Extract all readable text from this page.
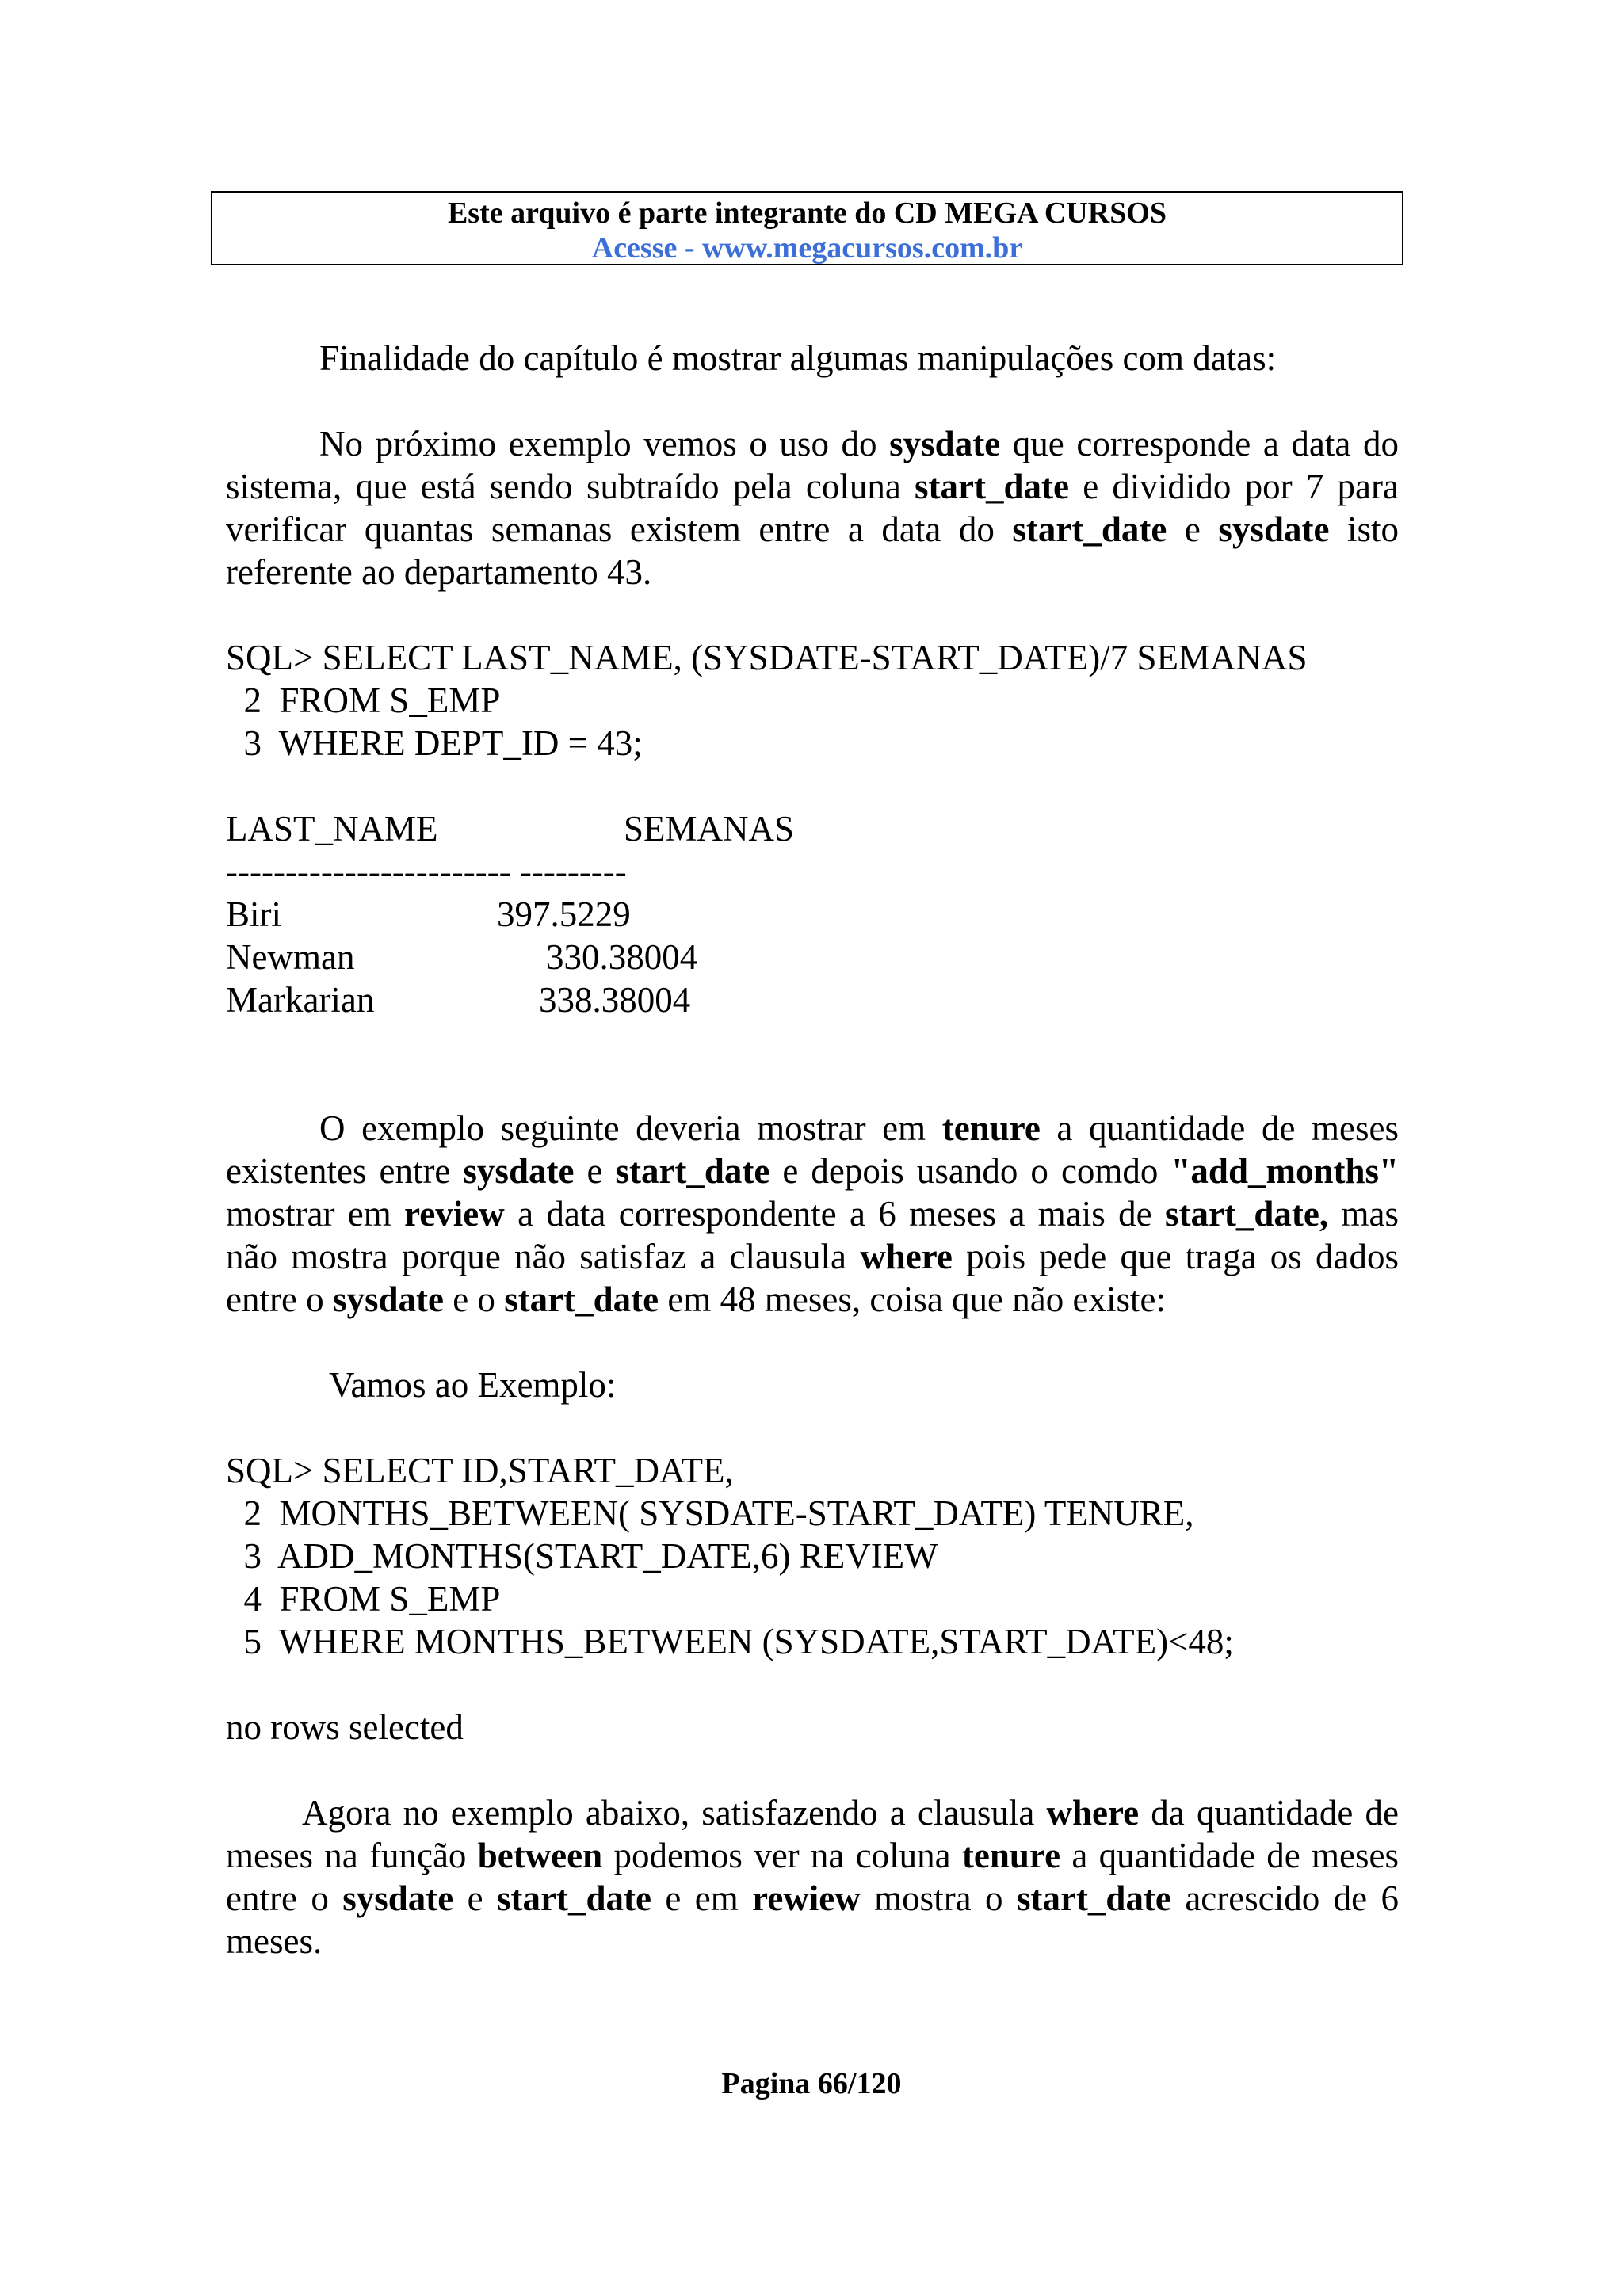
Este arquivo é parte integrante do CD MEGA CURSOS
Acesse - www.megacursos.com.br

Finalidade do capítulo é mostrar algumas manipulações com datas:

No próximo exemplo vemos o uso do sysdate que corresponde a data do sistema, que está sendo subtraído pela coluna start_date e dividido por 7 para verificar quantas semanas existem entre a data do start_date e sysdate isto referente ao departamento 43.

SQL> SELECT LAST_NAME, (SYSDATE-START_DATE)/7 SEMANAS
2  FROM S_EMP
3  WHERE DEPT_ID = 43;
LAST_NAME	SEMANAS
------------------------ ---------
Biri	397.5229
Newman	330.38004
Markarian	338.38004

O exemplo seguinte deveria mostrar em tenure a quantidade de meses existentes entre sysdate e start_date e depois usando o comdo "add_months" mostrar em review a data correspondente a 6 meses a mais de start_date, mas não mostra porque não satisfaz a clausula where pois pede que traga os dados entre o sysdate e o start_date em 48 meses, coisa que não existe:

Vamos ao Exemplo:

SQL> SELECT ID,START_DATE,
2  MONTHS_BETWEEN( SYSDATE-START_DATE) TENURE,
3  ADD_MONTHS(START_DATE,6) REVIEW
4  FROM S_EMP
5  WHERE MONTHS_BETWEEN (SYSDATE,START_DATE)<48;

no rows selected

Agora no exemplo abaixo, satisfazendo a clausula where da quantidade de meses na função between podemos ver na coluna tenure a quantidade de meses entre o sysdate e start_date e em rewiew mostra o start_date acrescido de 6 meses.

Pagina 66/120
